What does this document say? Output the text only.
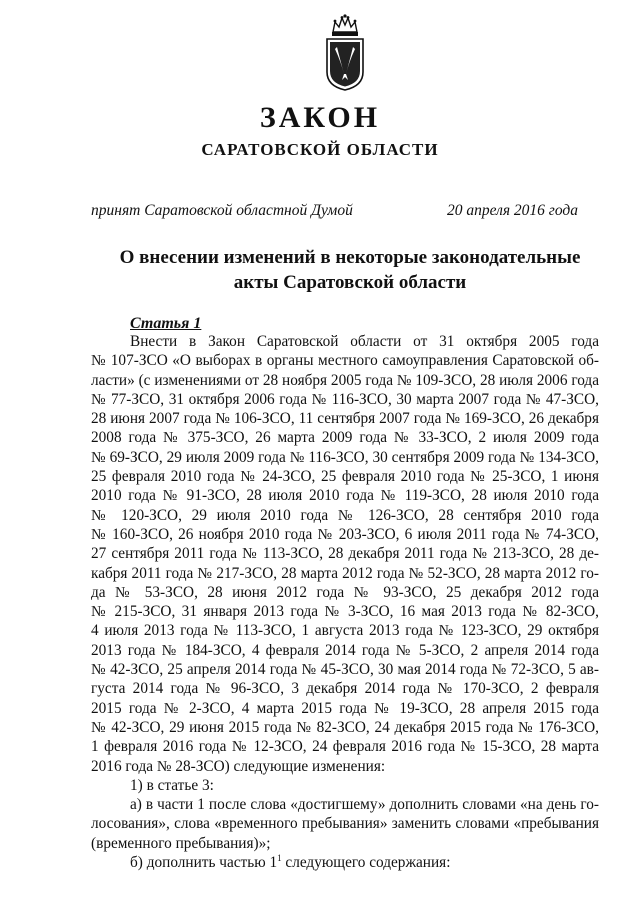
ЗАКОН
САРАТОВСКОЙ ОБЛАСТИ
принят Саратовской областной Думой	20 апреля 2016 года
О внесении изменений в некоторые законодательные
акты Саратовской области
Статья 1
Внести в Закон Саратовской области от 31 октября 2005 года
№ 107-ЗСО «О выборах в органы местного самоуправления Саратовской об-
ласти» (с изменениями от 28 ноября 2005 года № 109-ЗСО, 28 июля 2006 года
№ 77-ЗСО, 31 октября 2006 года № 116-ЗСО, 30 марта 2007 года № 47-ЗСО,
28 июня 2007 года № 106-ЗСО, 11 сентября 2007 года № 169-ЗСО, 26 декабря
2008 года № 375-ЗСО, 26 марта 2009 года № 33-ЗСО, 2 июля 2009 года
№ 69-ЗСО, 29 июля 2009 года № 116-ЗСО, 30 сентября 2009 года № 134-ЗСО,
25 февраля 2010 года № 24-ЗСО, 25 февраля 2010 года № 25-ЗСО, 1 июня
2010 года № 91-ЗСО, 28 июля 2010 года № 119-ЗСО, 28 июля 2010 года
№ 120-ЗСО, 29 июля 2010 года № 126-ЗСО, 28 сентября 2010 года
№ 160-ЗСО, 26 ноября 2010 года № 203-ЗСО, 6 июля 2011 года № 74-ЗСО,
27 сентября 2011 года № 113-ЗСО, 28 декабря 2011 года № 213-ЗСО, 28 де-
кабря 2011 года № 217-ЗСО, 28 марта 2012 года № 52-ЗСО, 28 марта 2012 го-
да № 53-ЗСО, 28 июня 2012 года № 93-ЗСО, 25 декабря 2012 года
№ 215-ЗСО, 31 января 2013 года № 3-ЗСО, 16 мая 2013 года № 82-ЗСО,
4 июля 2013 года № 113-ЗСО, 1 августа 2013 года № 123-ЗСО, 29 октября
2013 года № 184-ЗСО, 4 февраля 2014 года № 5-ЗСО, 2 апреля 2014 года
№ 42-ЗСО, 25 апреля 2014 года № 45-ЗСО, 30 мая 2014 года № 72-ЗСО, 5 ав-
густа 2014 года № 96-ЗСО, 3 декабря 2014 года № 170-ЗСО, 2 февраля
2015 года № 2-ЗСО, 4 марта 2015 года № 19-ЗСО, 28 апреля 2015 года
№ 42-ЗСО, 29 июня 2015 года № 82-ЗСО, 24 декабря 2015 года № 176-ЗСО,
1 февраля 2016 года № 12-ЗСО, 24 февраля 2016 года № 15-ЗСО, 28 марта
2016 года № 28-ЗСО) следующие изменения:
1) в статье 3:
а) в части 1 после слова «достигшему» дополнить словами «на день го-
лосования», слова «временного пребывания» заменить словами «пребывания
(временного пребывания)»;
б) дополнить частью $1^1$ следующего содержания:
